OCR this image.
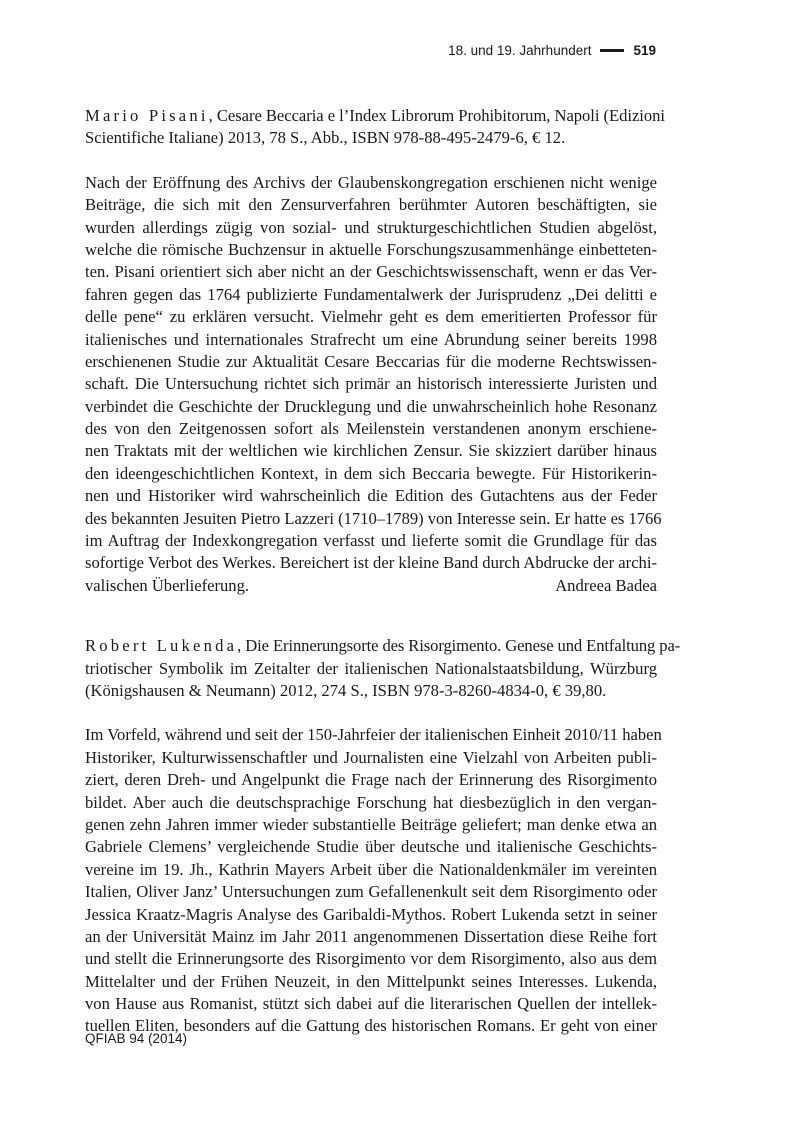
18. und 19. Jahrhundert	519

Mario Pisani, Cesare Beccaria e l’Index Librorum Prohibitorum, Napoli (Edizioni
Scientifiche Italiane) 2013, 78 S., Abb., ISBN 978-88-495-2479-6, € 12.

Nach der Eröffnung des Archivs der Glaubenskongregation erschienen nicht wenige
Beiträge, die sich mit den Zensurverfahren berühmter Autoren beschäftigten, sie
wurden allerdings zügig von sozial- und strukturgeschichtlichen Studien abgelöst,
welche die römische Buchzensur in aktuelle Forschungszusammenhänge einbetteten-
ten. Pisani orientiert sich aber nicht an der Geschichtswissenschaft, wenn er das Ver-
fahren gegen das 1764 publizierte Fundamentalwerk der Jurisprudenz „Dei delitti e
delle pene“ zu erklären versucht. Vielmehr geht es dem emeritierten Professor für
italienisches und internationales Strafrecht um eine Abrundung seiner bereits 1998
erschienenen Studie zur Aktualität Cesare Beccarias für die moderne Rechtswissen-
schaft. Die Untersuchung richtet sich primär an historisch interessierte Juristen und
verbindet die Geschichte der Drucklegung und die unwahrscheinlich hohe Resonanz
des von den Zeitgenossen sofort als Meilenstein verstandenen anonym erschiene-
nen Traktats mit der weltlichen wie kirchlichen Zensur. Sie skizziert darüber hinaus
den ideengeschichtlichen Kontext, in dem sich Beccaria bewegte. Für Historikerin-
nen und Historiker wird wahrscheinlich die Edition des Gutachtens aus der Feder
des bekannten Jesuiten Pietro Lazzeri (1710–1789) von Interesse sein. Er hatte es 1766
im Auftrag der Indexkongregation verfasst und lieferte somit die Grundlage für das
sofortige Verbot des Werkes. Bereichert ist der kleine Band durch Abdrucke der archi-
valischen Überlieferung.	Andreea Badea

Robert Lukenda, Die Erinnerungsorte des Risorgimento. Genese und Entfaltung pa-
triotischer Symbolik im Zeitalter der italienischen Nationalstaatsbildung, Würzburg
(Königshausen & Neumann) 2012, 274 S., ISBN 978-3-8260-4834-0, € 39,80.

Im Vorfeld, während und seit der 150-Jahrfeier der italienischen Einheit 2010/11 haben
Historiker, Kulturwissenschaftler und Journalisten eine Vielzahl von Arbeiten publi-
ziert, deren Dreh- und Angelpunkt die Frage nach der Erinnerung des Risorgimento
bildet. Aber auch die deutschsprachige Forschung hat diesbezüglich in den vergan-
genen zehn Jahren immer wieder substantielle Beiträge geliefert; man denke etwa an
Gabriele Clemens’ vergleichende Studie über deutsche und italienische Geschichts-
vereine im 19. Jh., Kathrin Mayers Arbeit über die Nationaldenkmäler im vereinten
Italien, Oliver Janz’ Untersuchungen zum Gefallenenkult seit dem Risorgimento oder
Jessica Kraatz-Magris Analyse des Garibaldi-Mythos. Robert Lukenda setzt in seiner
an der Universität Mainz im Jahr 2011 angenommenen Dissertation diese Reihe fort
und stellt die Erinnerungsorte des Risorgimento vor dem Risorgimento, also aus dem
Mittelalter und der Frühen Neuzeit, in den Mittelpunkt seines Interesses. Lukenda,
von Hause aus Romanist, stützt sich dabei auf die literarischen Quellen der intellek-
tuellen Eliten, besonders auf die Gattung des historischen Romans. Er geht von einer

QFIAB 94 (2014)
